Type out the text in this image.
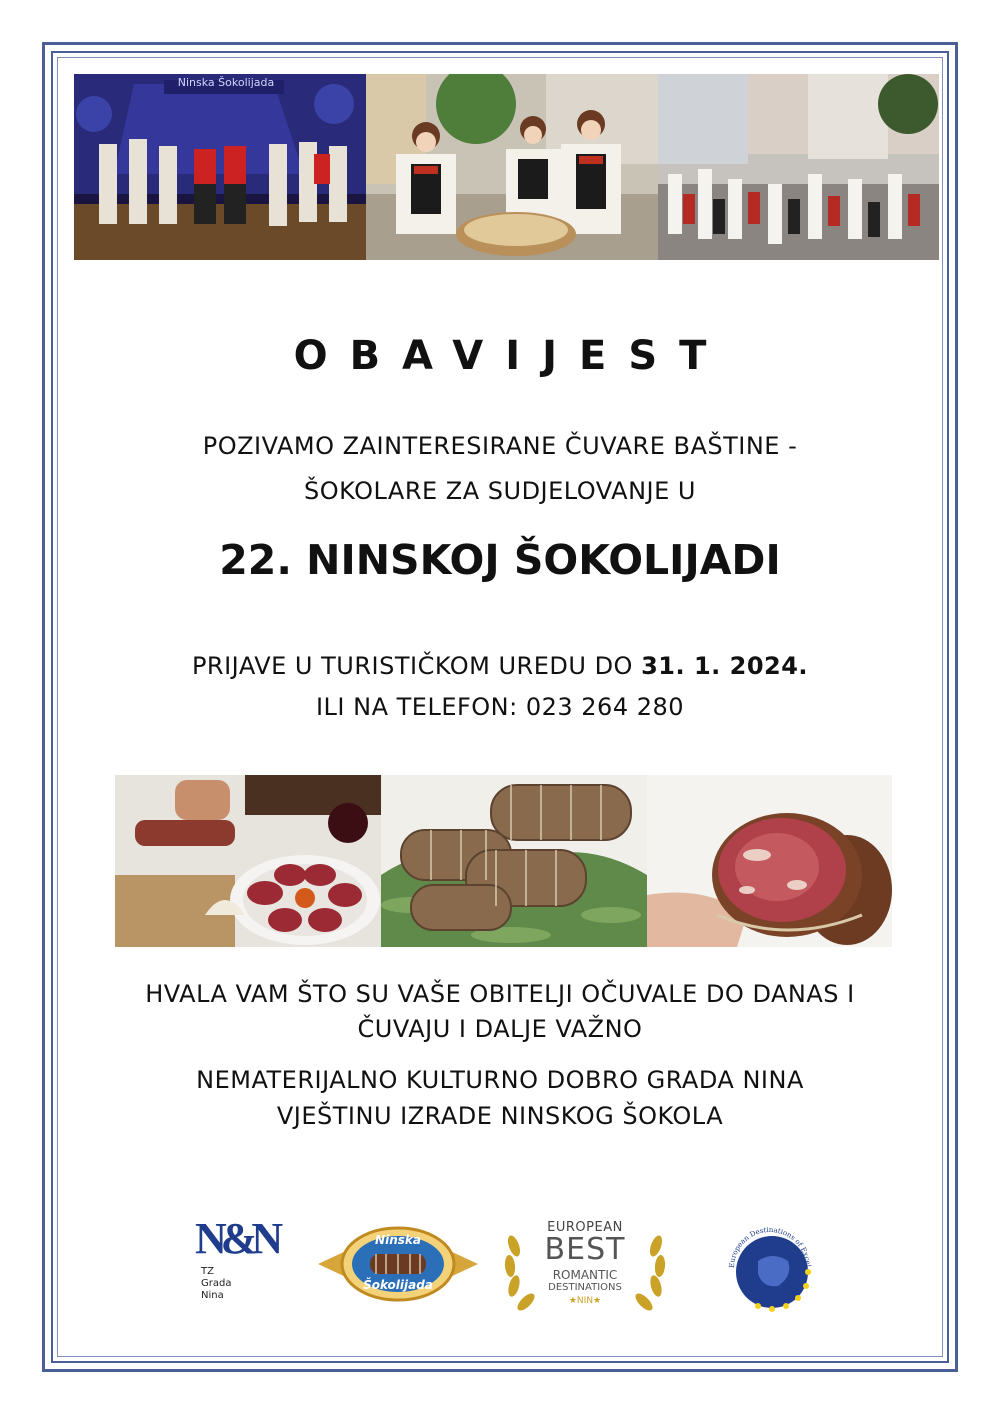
Ninska Šokolijada
OBAVIJEST
POZIVAMO ZAINTERESIRANE ČUVARE BAŠTINE -
ŠOKOLARE ZA SUDJELOVANJE U
22. NINSKOJ ŠOKOLIJADI
PRIJAVE U TURISTIČKOM UREDU DO 31. 1. 2024.
ILI NA TELEFON: 023 264 280
HVALA VAM ŠTO SU VAŠE OBITELJI OČUVALE DO DANAS I
ČUVAJU I DALJE VAŽNO
NEMATERIJALNO KULTURNO DOBRO GRADA NINA
VJEŠTINU IZRADE NINSKOG ŠOKOLA
N&N
TZ
Grada
Nina
Ninska
Šokolijada
EUROPEAN
BEST
ROMANTIC
DESTINATIONS
★NIN★
European Destinations of Excel
